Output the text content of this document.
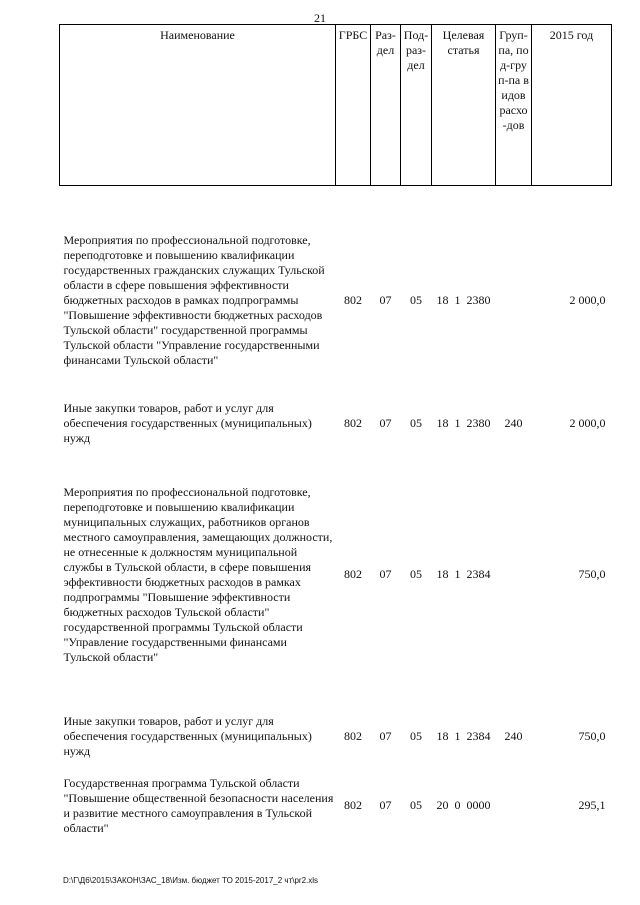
21
Наименование	ГРБС	Раз-дел	Под-раз-дел	Целевая статья	Груп-па, под-груп-па видов расхо-дов	2015 год
Мероприятия по профессиональной подготовке, переподготовке и повышению квалификации государственных гражданских служащих Тульской области в сфере повышения эффективности бюджетных расходов в рамках подпрограммы "Повышение эффективности бюджетных расходов Тульской области" государственной программы Тульской области "Управление государственными финансами Тульской области"	802	07	05	18  1  2380		2 000,0
Иные закупки товаров, работ и услуг для обеспечения государственных (муниципальных) нужд	802	07	05	18  1  2380	240	2 000,0
Мероприятия по профессиональной подготовке, переподготовке и повышению квалификации муниципальных служащих, работников органов местного самоуправления, замещающих должности, не отнесенные к должностям муниципальной службы в Тульской области, в сфере повышения эффективности бюджетных расходов в рамках подпрограммы "Повышение эффективности бюджетных расходов Тульской области" государственной программы Тульской области "Управление государственными финансами Тульской области"	802	07	05	18  1  2384		750,0
Иные закупки товаров, работ и услуг для обеспечения государственных (муниципальных) нужд	802	07	05	18  1  2384	240	750,0
Государственная программа Тульской области "Повышение общественной безопасности населения и развитие местного самоуправления в Тульской области"	802	07	05	20  0  0000		295,1
D:\Г\Д6\2015\ЗАКОН\ЗАС_18\Изм. бюджет ТО 2015-2017_2 чт\pr2.xls
